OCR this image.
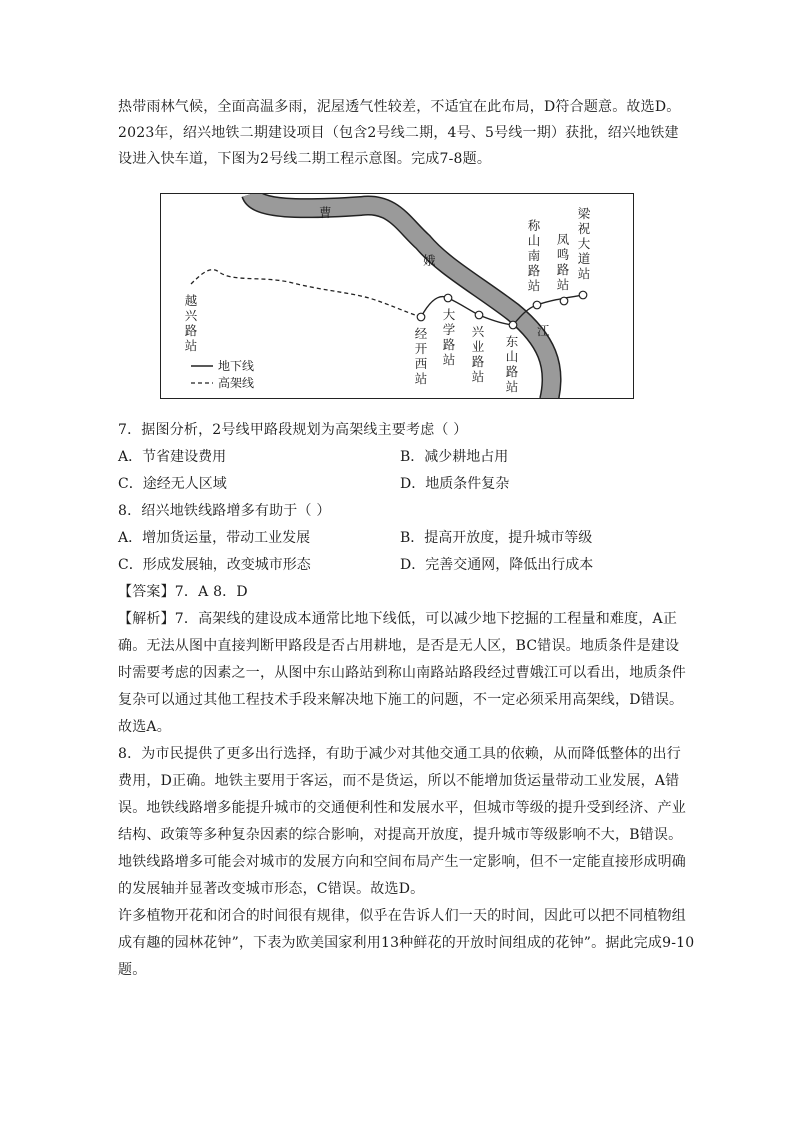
热带雨林气候，全面高温多雨，泥屋透气性较差，不适宜在此布局，D符合题意。故选D。
2023年，绍兴地铁二期建设项目（包含2号线二期，4号、5号线一期）获批，绍兴地铁建
设进入快车道，下图为2号线二期工程示意图。完成7-8题。
曹
娥
江
越兴路站
经开西站
大学路站
兴业路站
东山路站
称山南路站
凤鸣路站
梁祝大道站
地下线
高架线
7．据图分析，2号线甲路段规划为高架线主要考虑（ ）
A．节省建设费用	B．减少耕地占用
C．途经无人区域	D．地质条件复杂
8．绍兴地铁线路增多有助于（ ）
A．增加货运量，带动工业发展	B．提高开放度，提升城市等级
C．形成发展轴，改变城市形态	D．完善交通网，降低出行成本
【答案】7．A 8．D
【解析】7．高架线的建设成本通常比地下线低，可以减少地下挖掘的工程量和难度，A正
确。无法从图中直接判断甲路段是否占用耕地，是否是无人区，BC错误。地质条件是建设
时需要考虑的因素之一，从图中东山路站到称山南路站路段经过曹娥江可以看出，地质条件
复杂可以通过其他工程技术手段来解决地下施工的问题，不一定必须采用高架线，D错误。
故选A。
8．为市民提供了更多出行选择，有助于减少对其他交通工具的依赖，从而降低整体的出行
费用，D正确。地铁主要用于客运，而不是货运，所以不能增加货运量带动工业发展，A错
误。地铁线路增多能提升城市的交通便利性和发展水平，但城市等级的提升受到经济、产业
结构、政策等多种复杂因素的综合影响，对提高开放度，提升城市等级影响不大，B错误。
地铁线路增多可能会对城市的发展方向和空间布局产生一定影响，但不一定能直接形成明确
的发展轴并显著改变城市形态，C错误。故选D。
许多植物开花和闭合的时间很有规律，似乎在告诉人们一天的时间，因此可以把不同植物组
成有趣的园林花钟”，下表为欧美国家利用13种鲜花的开放时间组成的花钟”。据此完成9-10
题。
